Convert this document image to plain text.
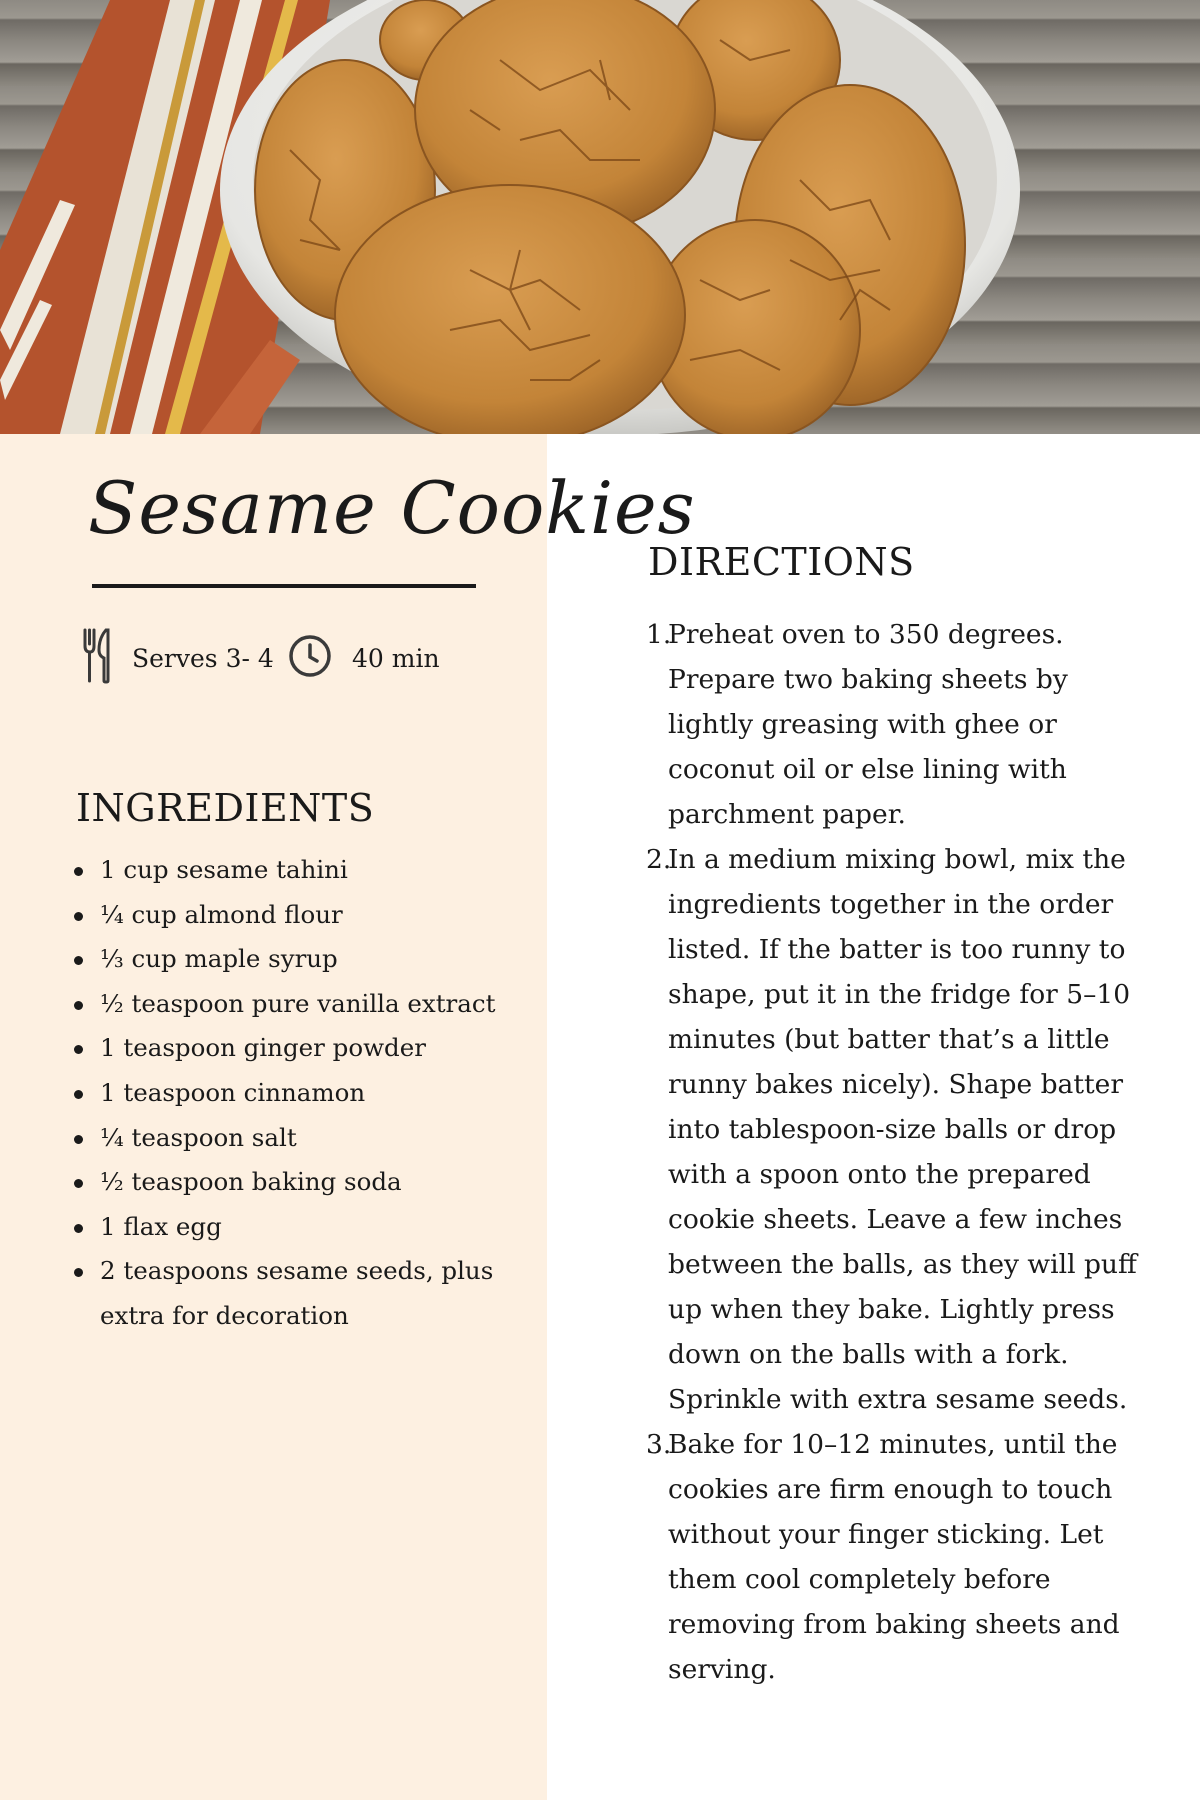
Sesame Cookies
Serves 3- 4	40 min
INGREDIENTS
1 cup sesame tahini
¼ cup almond flour
⅓ cup maple syrup
½ teaspoon pure vanilla extract
1 teaspoon ginger powder
1 teaspoon cinnamon
¼ teaspoon salt
½ teaspoon baking soda
1 flax egg
2 teaspoons sesame seeds, plus extra for decoration
DIRECTIONS
1.
Preheat oven to 350 degrees. Prepare two baking sheets by lightly greasing with ghee or coconut oil or else lining with parchment paper.
2.
In a medium mixing bowl, mix the ingredients together in the order listed. If the batter is too runny to shape, put it in the fridge for 5–10 minutes (but batter that’s a little runny bakes nicely). Shape batter into tablespoon-size balls or drop with a spoon onto the prepared cookie sheets. Leave a few inches between the balls, as they will puff up when they bake. Lightly press down on the balls with a fork. Sprinkle with extra sesame seeds.
3.
Bake for 10–12 minutes, until the cookies are firm enough to touch without your finger sticking. Let them cool completely before removing from baking sheets and serving.
